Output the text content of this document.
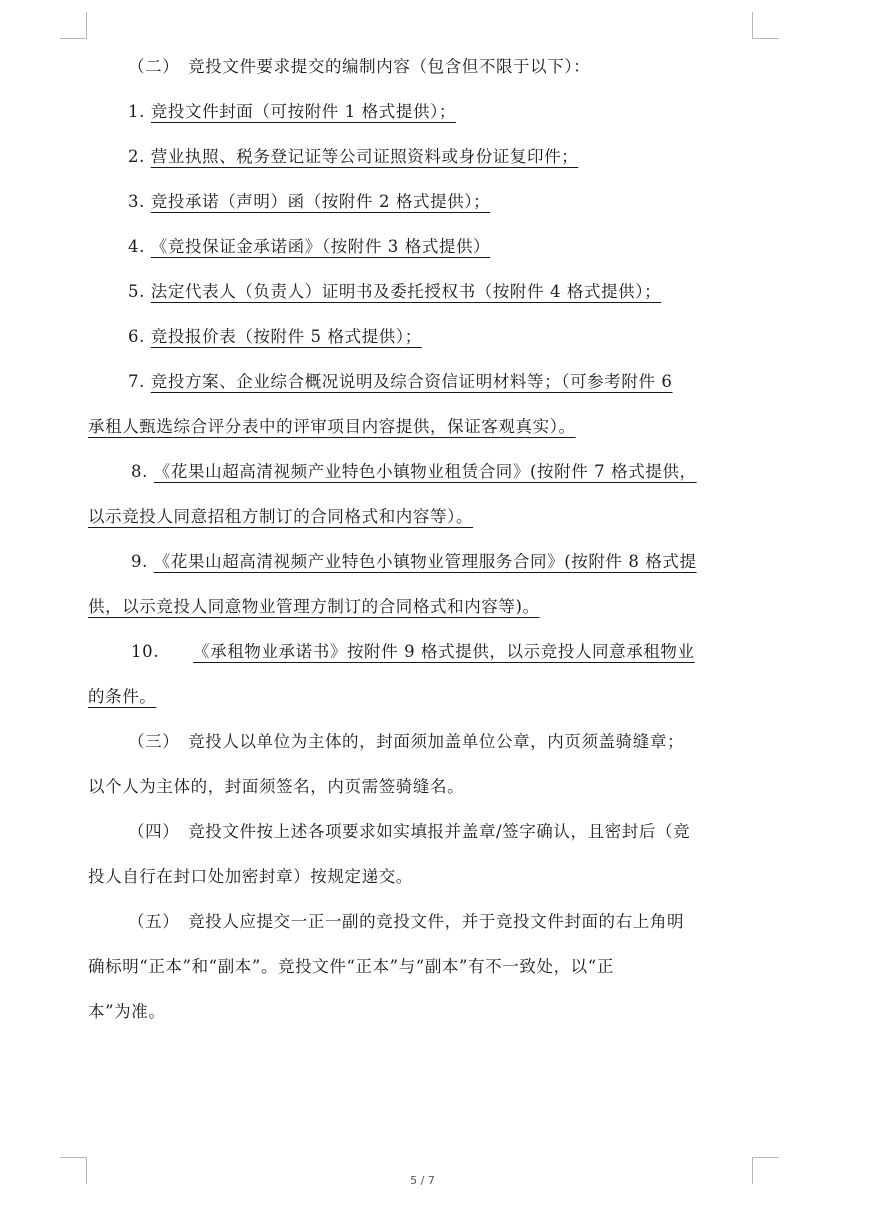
（二）　竞投文件要求提交的编制内容（包含但不限于以下）：
1. 竞投文件封面（可按附件 1 格式提供）；
2. 营业执照、税务登记证等公司证照资料或身份证复印件；
3. 竞投承诺（声明）函（按附件 2 格式提供）；
4. 《竞投保证金承诺函》（按附件 3 格式提供）
5. 法定代表人（负责人）证明书及委托授权书（按附件 4 格式提供）；
6. 竞投报价表（按附件 5 格式提供）；
7. 竞投方案、企业综合概况说明及综合资信证明材料等；（可参考附件 6
承租人甄选综合评分表中的评审项目内容提供，保证客观真实）。
8. 《花果山超高清视频产业特色小镇物业租赁合同》(按附件 7 格式提供，
以示竞投人同意招租方制订的合同格式和内容等）。
9. 《花果山超高清视频产业特色小镇物业管理服务合同》(按附件 8 格式提
供，以示竞投人同意物业管理方制订的合同格式和内容等)。
10. 《承租物业承诺书》按附件 9 格式提供，以示竞投人同意承租物业
的条件。
（三）　竞投人以单位为主体的，封面须加盖单位公章，内页须盖骑缝章；
以个人为主体的，封面须签名，内页需签骑缝名。
（四）　竞投文件按上述各项要求如实填报并盖章/签字确认，且密封后（竞
投人自行在封口处加密封章）按规定递交。
（五）　竞投人应提交一正一副的竞投文件，并于竞投文件封面的右上角明
确标明“正本”和“副本”。竞投文件“正本”与“副本”有不一致处，以“正
本”为准。
5 / 7
